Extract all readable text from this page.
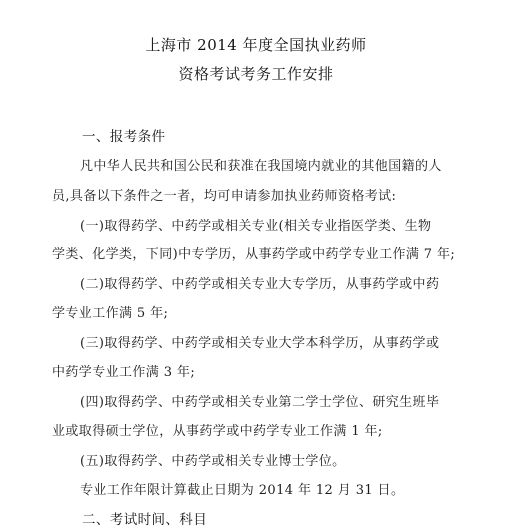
上海市 2014 年度全国执业药师
资格考试考务工作安排
一、报考条件
凡中华人民共和国公民和获准在我国境内就业的其他国籍的人
员,具备以下条件之一者，均可申请参加执业药师资格考试:
(一)取得药学、中药学或相关专业(相关专业指医学类、生物
学类、化学类，下同)中专学历，从事药学或中药学专业工作满 7 年;
(二)取得药学、中药学或相关专业大专学历，从事药学或中药
学专业工作满 5 年;
(三)取得药学、中药学或相关专业大学本科学历，从事药学或
中药学专业工作满 3 年;
(四)取得药学、中药学或相关专业第二学士学位、研究生班毕
业或取得硕士学位，从事药学或中药学专业工作满 1 年;
(五)取得药学、中药学或相关专业博士学位。
专业工作年限计算截止日期为 2014 年 12 月 31 日。
二、考试时间、科目
